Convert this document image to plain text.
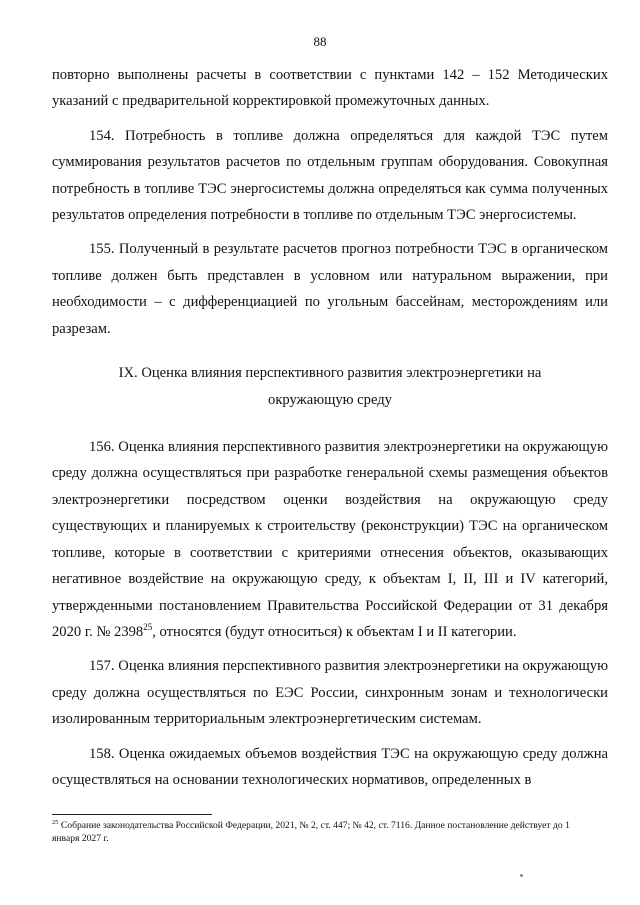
88

повторно выполнены расчеты в соответствии с пунктами 142 – 152 Методических указаний с предварительной корректировкой промежуточных данных.

154. Потребность в топливе должна определяться для каждой ТЭС путем суммирования результатов расчетов по отдельным группам оборудования. Совокупная потребность в топливе ТЭС энергосистемы должна определяться как сумма полученных результатов определения потребности в топливе по отдельным ТЭС энергосистемы.

155. Полученный в результате расчетов прогноз потребности ТЭС в органическом топливе должен быть представлен в условном или натуральном выражении, при необходимости – с дифференциацией по угольным бассейнам, месторождениям или разрезам.

IX. Оценка влияния перспективного развития электроэнергетики на
окружающую среду

156. Оценка влияния перспективного развития электроэнергетики на окружающую среду должна осуществляться при разработке генеральной схемы размещения объектов электроэнергетики посредством оценки воздействия на окружающую среду существующих и планируемых к строительству (реконструкции) ТЭС на органическом топливе, которые в соответствии с критериями отнесения объектов, оказывающих негативное воздействие на окружающую среду, к объектам I, II, III и IV категорий, утвержденными постановлением Правительства Российской Федерации от 31 декабря 2020 г. № 2398$^{25}$, относятся (будут относиться) к объектам I и II категории.

157. Оценка влияния перспективного развития электроэнергетики на окружающую среду должна осуществляться по ЕЭС России, синхронным зонам и технологически изолированным территориальным электроэнергетическим системам.

158. Оценка ожидаемых объемов воздействия ТЭС на окружающую среду должна осуществляться на основании технологических нормативов, определенных в

$^{25}$ Собрание законодательства Российской Федерации, 2021, № 2, ст. 447; № 42, ст. 7116. Данное постановление действует до 1 января 2027 г.
